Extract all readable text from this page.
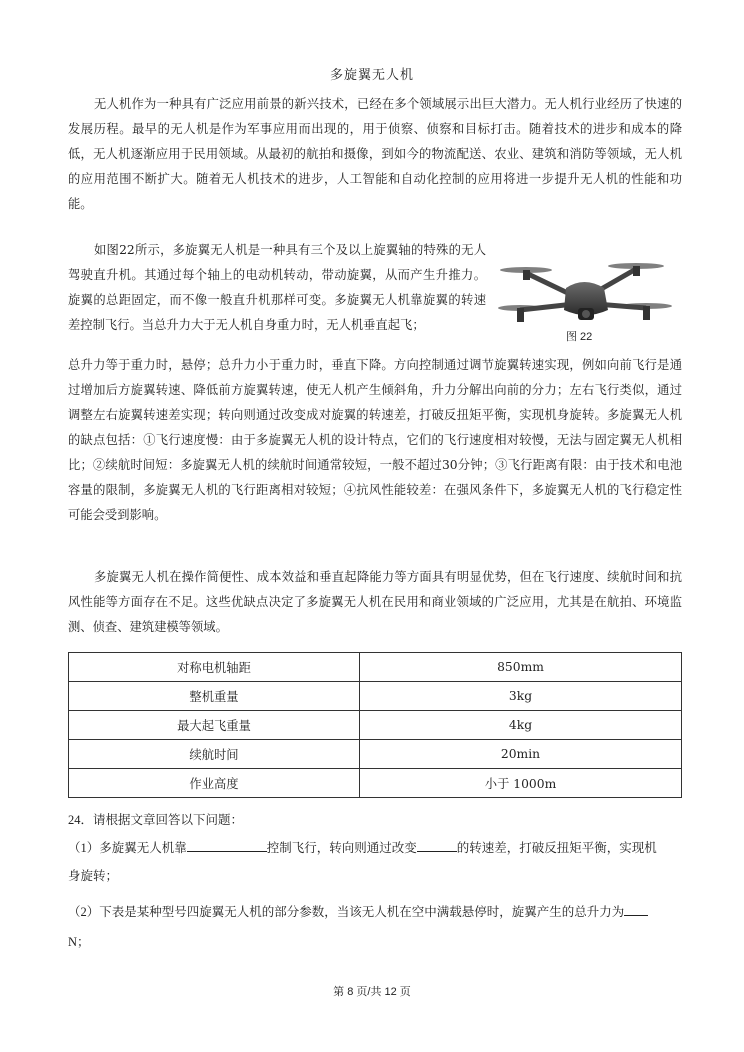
多旋翼无人机

无人机作为一种具有广泛应用前景的新兴技术，已经在多个领域展示出巨大潜力。无人机行业经历了快速的发展历程。最早的无人机是作为军事应用而出现的，用于侦察、侦察和目标打击。随着技术的进步和成本的降低，无人机逐渐应用于民用领域。从最初的航拍和摄像，到如今的物流配送、农业、建筑和消防等领域，无人机的应用范围不断扩大。随着无人机技术的进步，人工智能和自动化控制的应用将进一步提升无人机的性能和功能。

如图22所示，多旋翼无人机是一种具有三个及以上旋翼轴的特殊的无人驾驶直升机。其通过每个轴上的电动机转动，带动旋翼，从而产生升推力。旋翼的总距固定，而不像一般直升机那样可变。多旋翼无人机靠旋翼的转速差控制飞行。当总升力大于无人机自身重力时，无人机垂直起飞；

图 22

总升力等于重力时，悬停；总升力小于重力时，垂直下降。方向控制通过调节旋翼转速实现，例如向前飞行是通过增加后方旋翼转速、降低前方旋翼转速，使无人机产生倾斜角，升力分解出向前的分力；左右飞行类似，通过调整左右旋翼转速差实现；转向则通过改变成对旋翼的转速差，打破反扭矩平衡，实现机身旋转。多旋翼无人机的缺点包括：①飞行速度慢：由于多旋翼无人机的设计特点，它们的飞行速度相对较慢，无法与固定翼无人机相比；②续航时间短：多旋翼无人机的续航时间通常较短，一般不超过30分钟；③飞行距离有限：由于技术和电池容量的限制，多旋翼无人机的飞行距离相对较短；④抗风性能较差：在强风条件下，多旋翼无人机的飞行稳定性可能会受到影响。

多旋翼无人机在操作简便性、成本效益和垂直起降能力等方面具有明显优势，但在飞行速度、续航时间和抗风性能等方面存在不足。这些优缺点决定了多旋翼无人机在民用和商业领域的广泛应用，尤其是在航拍、环境监测、侦查、建筑建模等领域。

对称电机轴距	850mm
整机重量	3kg
最大起飞重量	4kg
续航时间	20min
作业高度	小于 1000m
24．请根据文章回答以下问题：
（1）多旋翼无人机靠	控制飞行，转向则通过改变	的转速差，打破反扭矩平衡，实现机
身旋转；
（2）下表是某种型号四旋翼无人机的部分参数，当该无人机在空中满载悬停时，旋翼产生的总升力为
N；
第 8 页/共 12 页
